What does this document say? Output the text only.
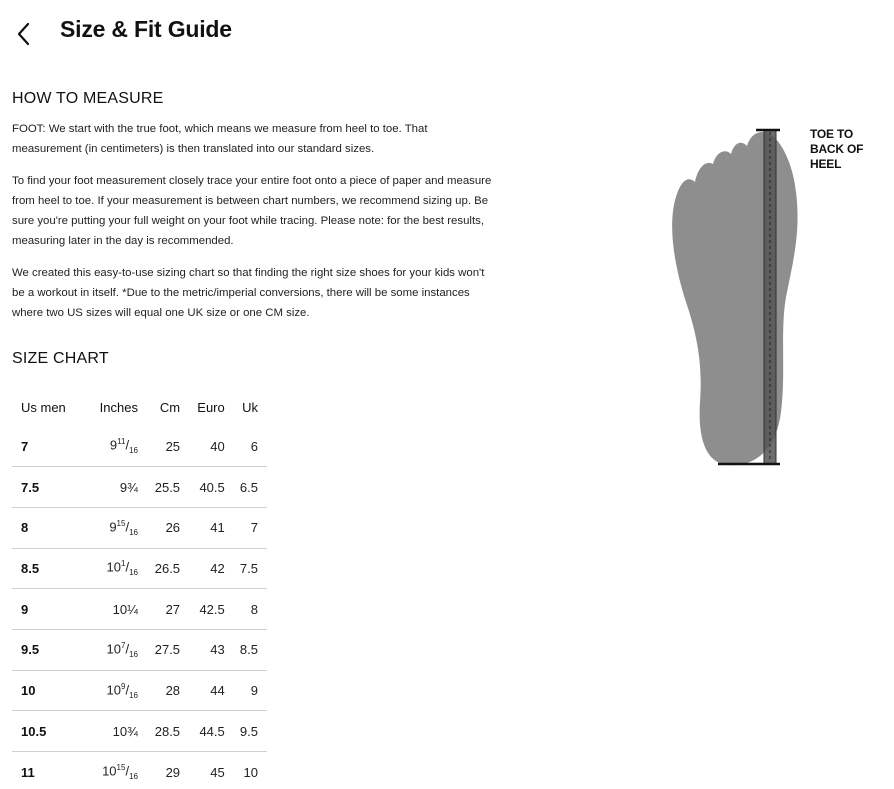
Size & Fit Guide
HOW TO MEASURE

FOOT: We start with the true foot, which means we measure from heel to toe. That measurement (in centimeters) is then translated into our standard sizes.

To find your foot measurement closely trace your entire foot onto a piece of paper and measure from heel to toe. If your measurement is between chart numbers, we recommend sizing up. Be sure you're putting your full weight on your foot while tracing. Please note: for the best results, measuring later in the day is recommended.

We created this easy-to-use sizing chart so that finding the right size shoes for your kids won't be a workout in itself. *Due to the metric/imperial conversions, there will be some instances where two US sizes will equal one UK size or one CM size.

SIZE CHART
Us men	Inches	Cm	Euro	Uk
7	$9^{11}/_{16}$	25	40	6
7.5	9¾	25.5	40.5	6.5
8	$9^{15}/_{16}$	26	41	7
8.5	$10^1/_{16}$	26.5	42	7.5
9	10¼	27	42.5	8
9.5	$10^7/_{16}$	27.5	43	8.5
10	$10^9/_{16}$	28	44	9
10.5	10¾	28.5	44.5	9.5
11	$10^{15}/_{16}$	29	45	10
TOE TO
BACK OF
HEEL
